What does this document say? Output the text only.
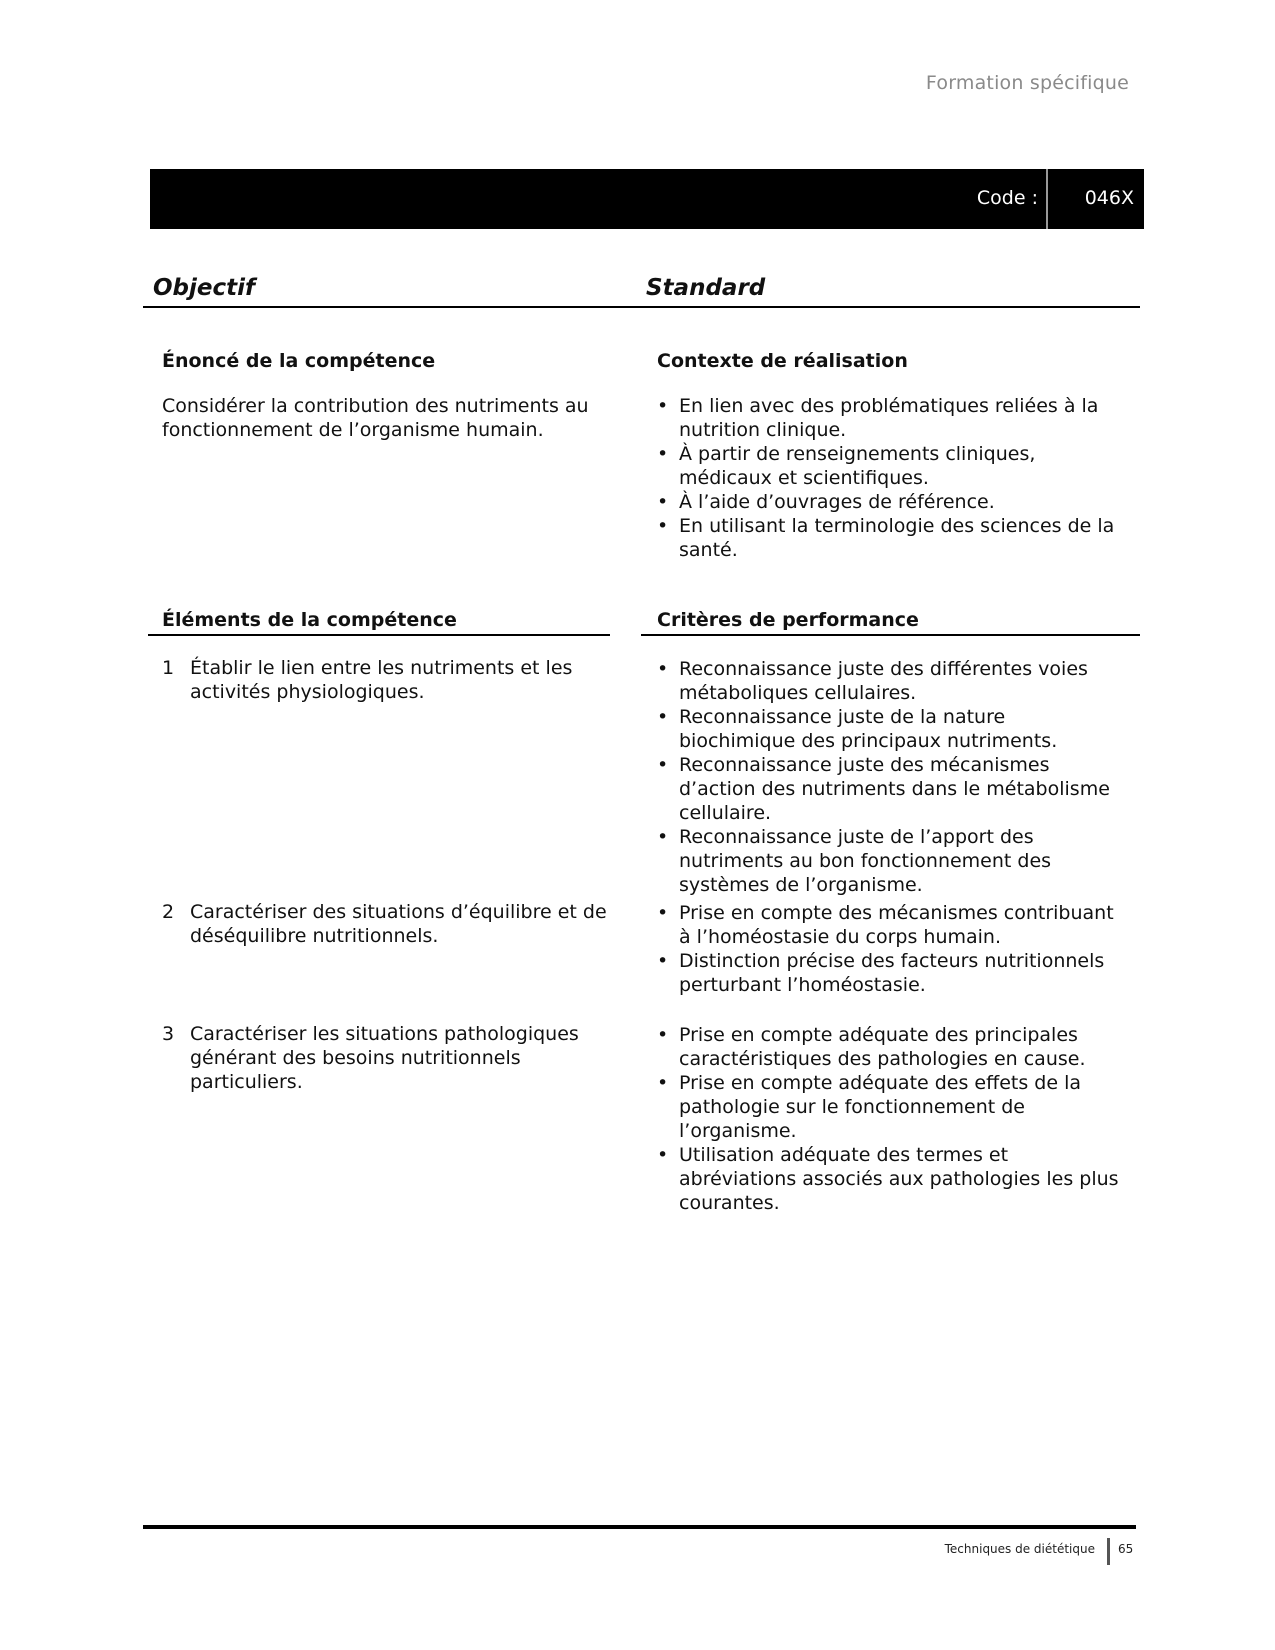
Formation spécifique
Code : 046X
Objectif	Standard
Énoncé de la compétence
Considérer la contribution des nutriments au fonctionnement de l’organisme humain.
Contexte de réalisation
• En lien avec des problématiques reliées à la nutrition clinique.
• À partir de renseignements cliniques, médicaux et scientifiques.
• À l’aide d’ouvrages de référence.
• En utilisant la terminologie des sciences de la santé.
Éléments de la compétence	Critères de performance
1 Établir le lien entre les nutriments et les activités physiologiques.
• Reconnaissance juste des différentes voies métaboliques cellulaires.
• Reconnaissance juste de la nature biochimique des principaux nutriments.
• Reconnaissance juste des mécanismes d’action des nutriments dans le métabolisme cellulaire.
• Reconnaissance juste de l’apport des nutriments au bon fonctionnement des systèmes de l’organisme.
2 Caractériser des situations d’équilibre et de déséquilibre nutritionnels.
• Prise en compte des mécanismes contribuant à l’homéostasie du corps humain.
• Distinction précise des facteurs nutritionnels perturbant l’homéostasie.
3 Caractériser les situations pathologiques générant des besoins nutritionnels particuliers.
• Prise en compte adéquate des principales caractéristiques des pathologies en cause.
• Prise en compte adéquate des effets de la pathologie sur le fonctionnement de l’organisme.
• Utilisation adéquate des termes et abréviations associés aux pathologies les plus courantes.
Techniques de diététique 65
